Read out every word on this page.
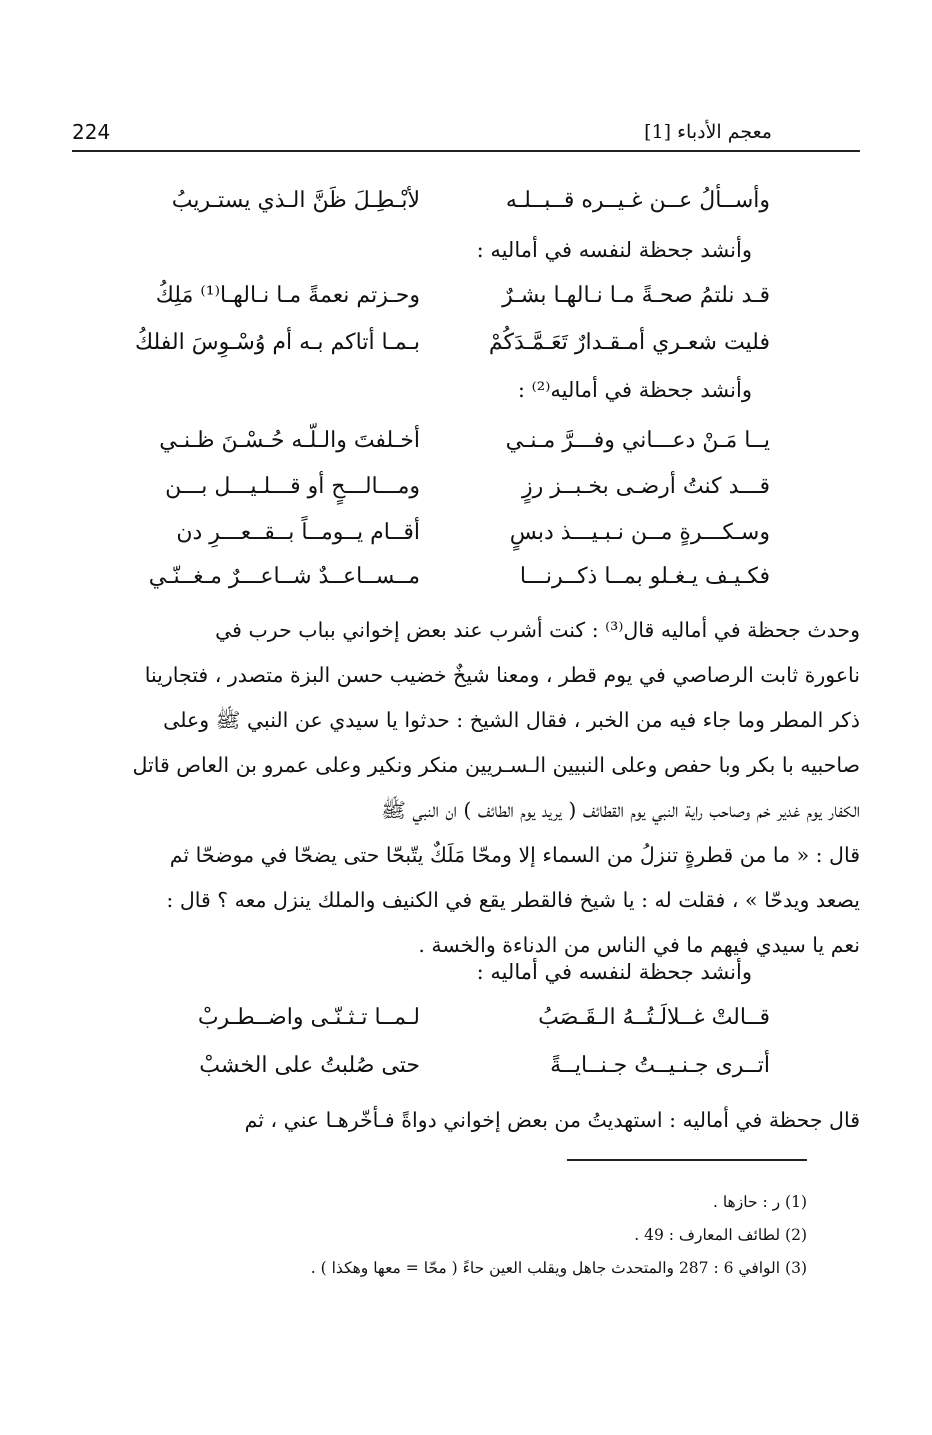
معجم الأدباء [1]
224
وأســألُ عــن غـيــره قــبــلـه
لأبْـطِـلَ ظَنَّ الـذي يستـريبُ
وأنشد جحظة لنفسه في أماليه :
قـد نلتمُ صحـةً مـا نـالهـا بشـرٌ
وحـزتم نعمةً مـا نـالهـا⁽¹⁾ مَلِكُ
فليت شعـري أمـقـدارٌ تَعَـمَّـدَكُمْ
بـمـا أتاكم بـه أم وُسْـوِسَ الفلكُ
وأنشد جحظة في أماليه⁽²⁾ :
يــا مَـنْ دعـــاني وفـــرَّ مـنـي
أخـلفتَ والـلّـه حُـسْـنَ ظـنـي
قـــد كنتُ أرضـى بخـبــز رزٍ
ومـــالـــحٍ أو قـــلـيـــل بـــن
وسـكـــرةٍ مــن نـبـيـــذ دبسٍ
أقــام يــومــاً بــقــعـــرِ دن
فكـيـف يـغـلو بمــا ذكــرنـــا
مــســاعــدٌ شــاعـــرٌ مـغــنّـي
وحدث جحظة في أماليه قال⁽³⁾ : كنت أشرب عند بعض إخواني بباب حرب في
ناعورة ثابت الرصاصي في يوم قطر ، ومعنا شيخٌ خضيب حسن البزة متصدر ، فتجارينا
ذكر المطر وما جاء فيه من الخبر ، فقال الشيخ : حدثوا يا سيدي عن النبي ﷺ وعلى
صاحبيه با بكر وبا حفص وعلى النبيين الـسـريين منكر ونكير وعلى عمرو بن العاص قاتل
الكفار يوم غدير خم وصاحب راية النبي يوم القطائف ( يريد يوم الطائف ) ان النبي ﷺ
قال : « ما من قطرةٍ تنزلُ من السماء إلا ومحّا مَلَكٌ يتّبحّا حتى يضحّا في موضحّا ثم
يصعد ويدحّا » ، فقلت له : يا شيخ فالقطر يقع في الكنيف والملك ينزل معه ؟ قال :
نعم يا سيدي فيهم ما في الناس من الدناءة والخسة .
وأنشد جحظة لنفسه في أماليه :
قــالتْ غــلالَـتُــهُ الـقَـصَبُ
لـمــا تـثـنّـى واضــطـربْ
أتــرى جـنـيــتُ جـنــايــةً
حتى صُلبتُ على الخشبْ
قال جحظة في أماليه : استهديتُ من بعض إخواني دواةً فـأخّرهـا عني ، ثم
(1) ر : حازها .
(2) لطائف المعارف : 49 .
(3) الوافي 6 : 287 والمتحدث جاهل ويقلب العين حاءً ( محّا = معها وهكذا ) .
